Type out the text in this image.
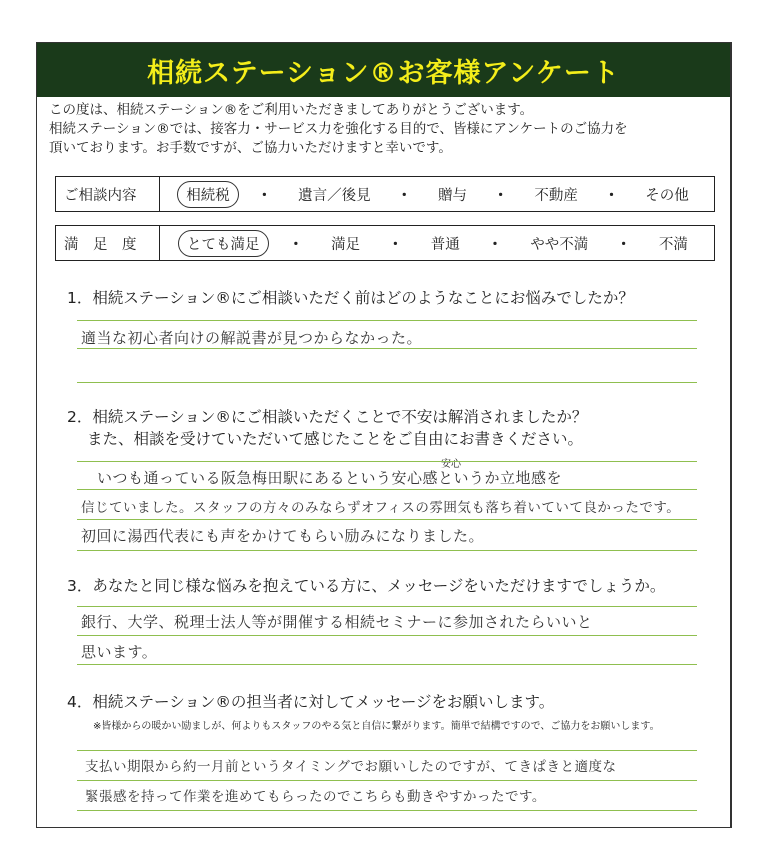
相続ステーション®お客様アンケート
この度は、相続ステーション®をご利用いただきましてありがとうございます。
相続ステーション®では、接客力・サービス力を強化する目的で、皆様にアンケートのご協力を
頂いております。お手数ですが、ご協力いただけますと幸いです。
ご相談内容	相続税	・	遺言／後見	・	贈与	・	不動産	・	その他
満　足　度	とても満足	・	満足	・	普通	・	やや不満	・	不満
1．相続ステーション®にご相談いただく前はどのようなことにお悩みでしたか？
適当な初心者向けの解説書が見つからなかった。
2．相続ステーション®にご相談いただくことで不安は解消されましたか？
また、相談を受けていただいて感じたことをご自由にお書きください。
安心
いつも通っている阪急梅田駅にあるという安心感というか立地感を
信じていました。スタッフの方々のみならずオフィスの雰囲気も落ち着いていて良かったです。
初回に湯西代表にも声をかけてもらい励みになりました。
3．あなたと同じ様な悩みを抱えている方に、メッセージをいただけますでしょうか。
銀行、大学、税理士法人等が開催する相続セミナーに参加されたらいいと
思います。
4．相続ステーション®の担当者に対してメッセージをお願いします。
※皆様からの暖かい励ましが、何よりもスタッフのやる気と自信に繋がります。簡単で結構ですので、ご協力をお願いします。
支払い期限から約一月前というタイミングでお願いしたのですが、てきぱきと適度な
緊張感を持って作業を進めてもらったのでこちらも動きやすかったです。
